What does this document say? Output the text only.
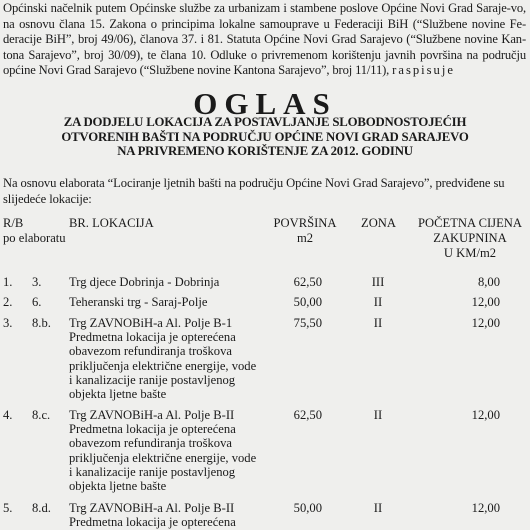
Općinski načelnik putem Općinske službe za urbanizam i stambene poslove Općine Novi Grad Saraje-vo, na osnovu člana 15. Zakona o principima lokalne samouprave u Federaciji BiH (“Službene novine Fe-deracije BiH”, broj 49/06), članova 37. i 81. Statuta Općine Novi Grad Sarajevo (“Službene novine Kan-tona Sarajevo”, broj 30/09), te člana 10. Odluke o privremenom korištenju javnih površina na području općine Novi Grad Sarajevo (“Službene novine Kantona Sarajevo”, broj 11/11), raspisuje
OGLAS
ZA DODJELU LOKACIJA ZA POSTAVLJANJE SLOBODNOSTOJEĆIH
OTVORENIH BAŠTI NA PODRUČJU OPĆINE NOVI GRAD SARAJEVO
NA PRIVREMENO KORIŠTENJE ZA 2012. GODINU
Na osnovu elaborata “Lociranje ljetnih bašti na području Općine Novi Grad Sarajevo”, predviđene su slijedeće lokacije:
R/B
po elaboratu
BR. LOKACIJA	POVRŠINA
m2
ZONA	POČETNA CIJENA
ZAKUPNINA
U KM/m2
1. 3. Trg djece Dobrinja - Dobrinja	62,50	III	8,00
2. 6. Teheranski trg - Saraj-Polje	50,00	II	12,00
3. 8.b. Trg ZAVNOBiH-a Al. Polje B-1
Predmetna lokacija je opterećena
obavezom refundiranja troškova
priključenja električne energije, vode
i kanalizacije ranije postavljenog
objekta ljetne bašte
75,50	II	12,00
4. 8.c. Trg ZAVNOBiH-a Al. Polje B-II
Predmetna lokacija je opterećena
obavezom refundiranja troškova
priključenja električne energije, vode
i kanalizacije ranije postavljenog
objekta ljetne bašte
62,50	II	12,00
5. 8.d. Trg ZAVNOBiH-a Al. Polje B-II
Predmetna lokacija je opterećena
50,00	II	12,00
